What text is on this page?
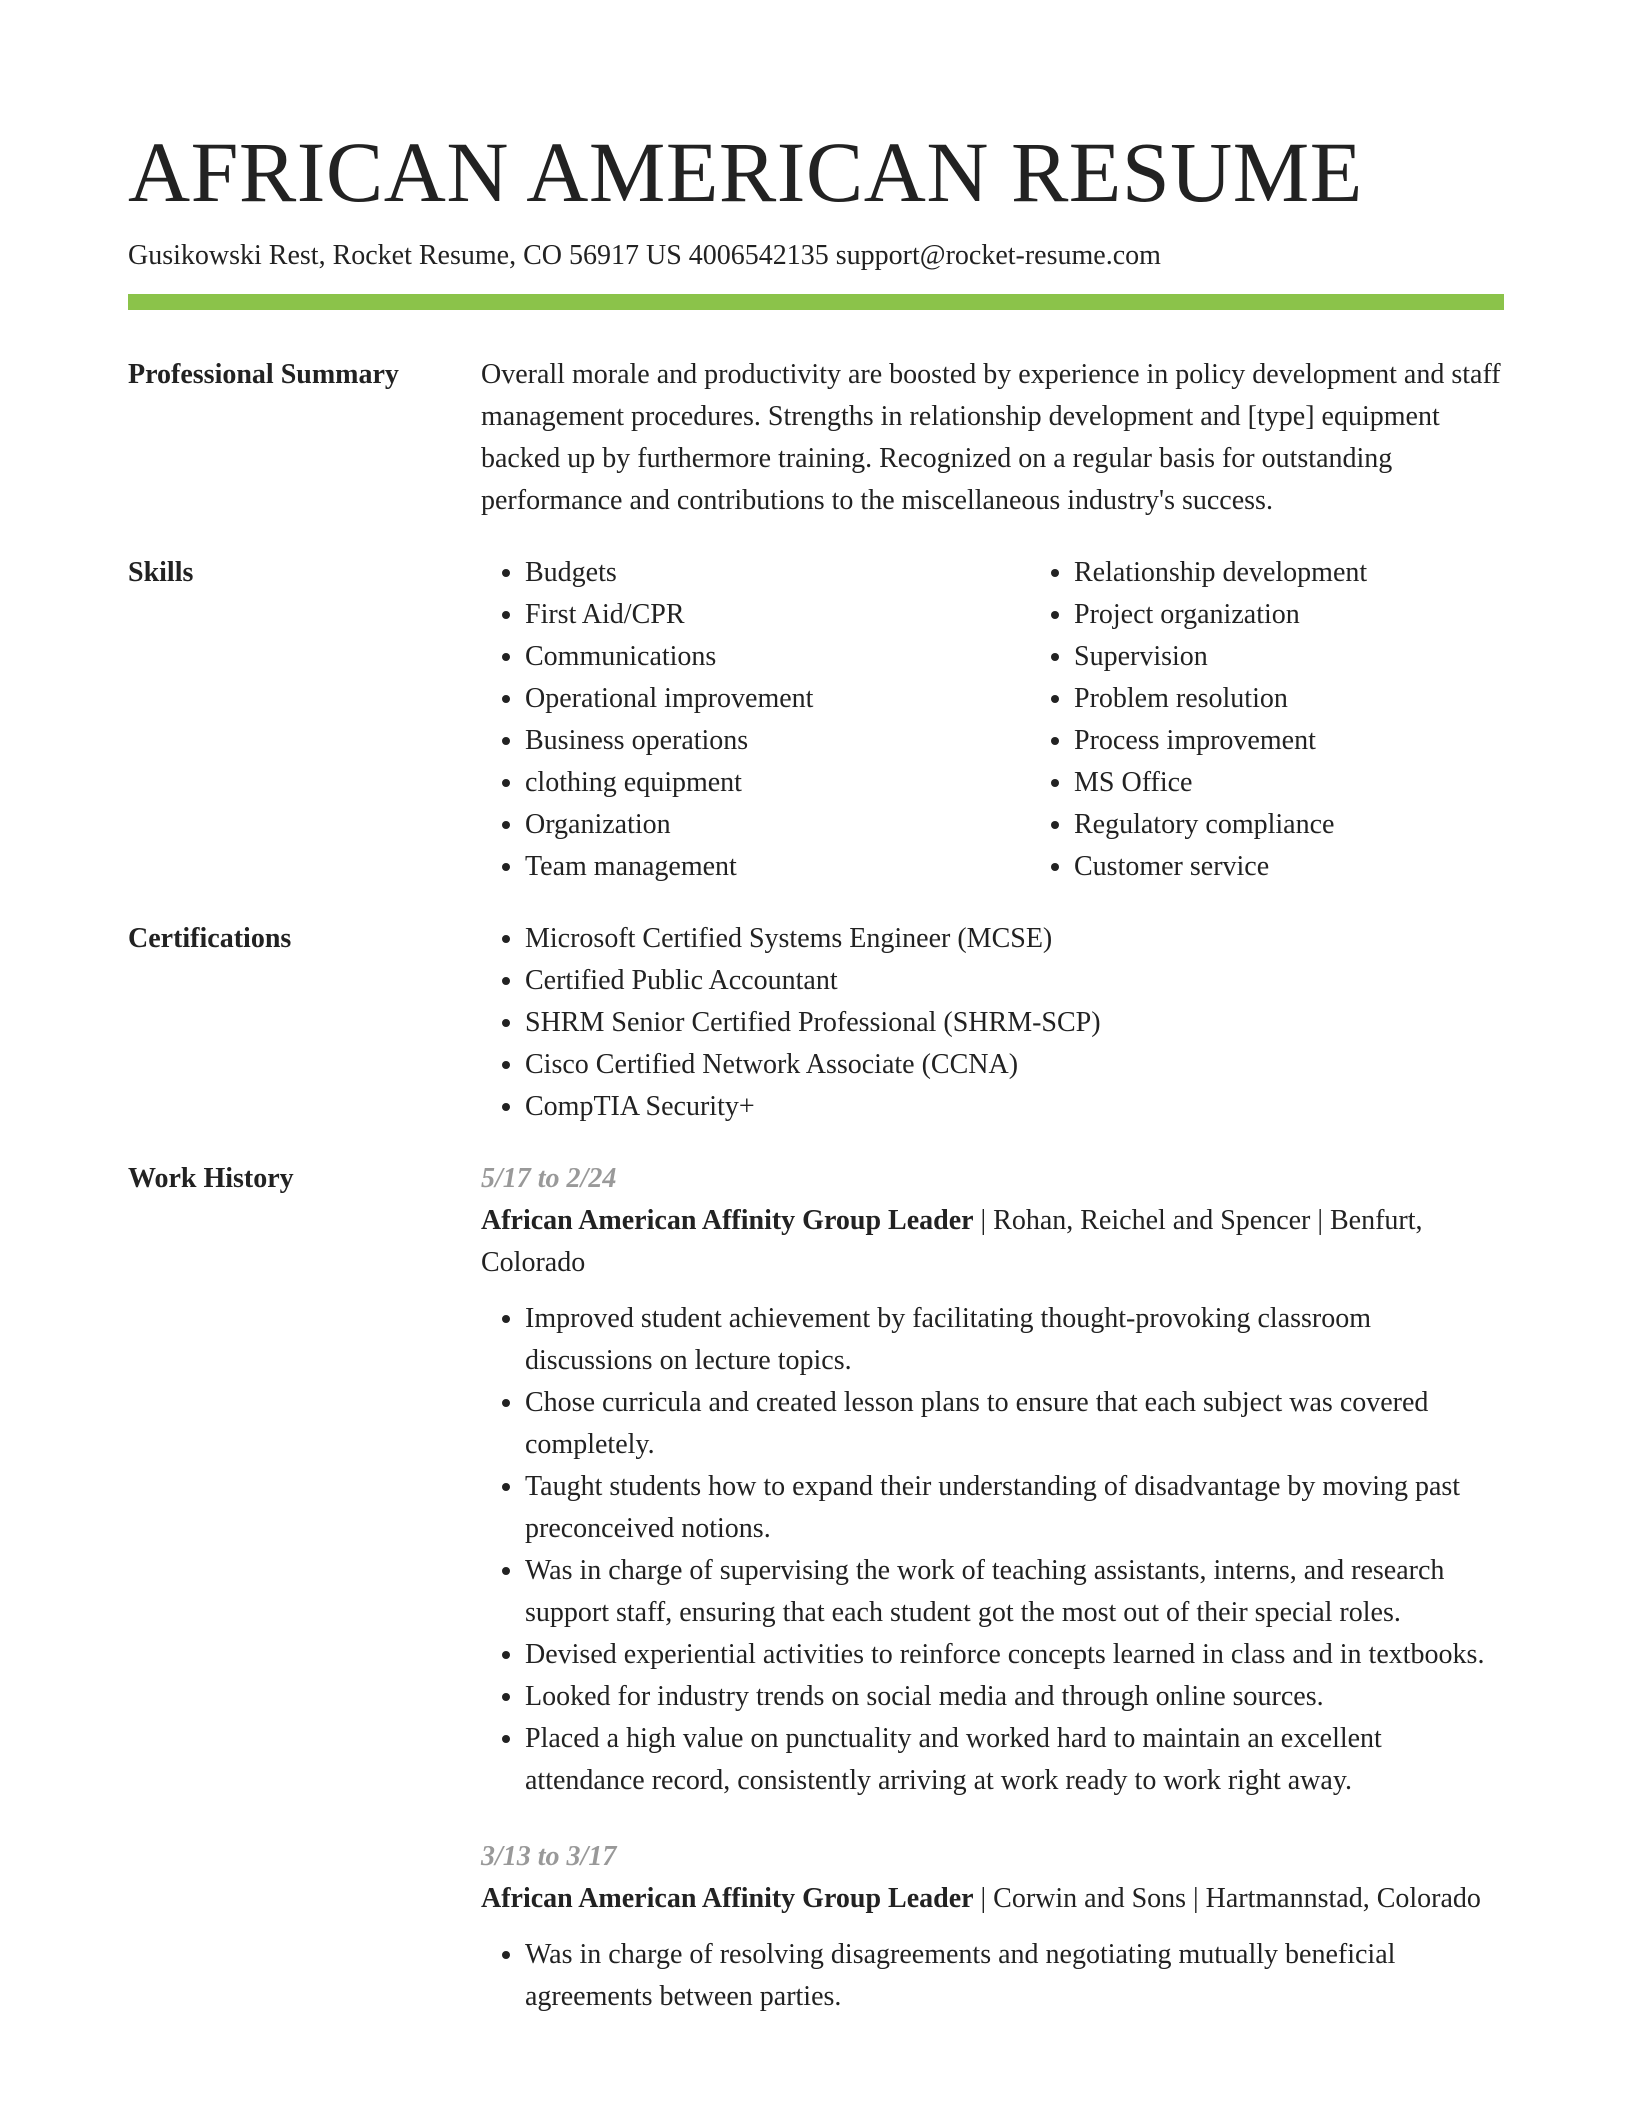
AFRICAN AMERICAN RESUME
Gusikowski Rest, Rocket Resume, CO 56917 US 4006542135 support@rocket-resume.com
Professional Summary	Overall morale and productivity are boosted by experience in policy development and staff management procedures. Strengths in relationship development and [type] equipment backed up by furthermore training. Recognized on a regular basis for outstanding performance and contributions to the miscellaneous industry's success.

Skills	• Budgets
• First Aid/CPR
• Communications
• Operational improvement
• Business operations
• clothing equipment
• Organization
• Team management
• Relationship development
• Project organization
• Supervision
• Problem resolution
• Process improvement
• MS Office
• Regulatory compliance
• Customer service
Certifications	• Microsoft Certified Systems Engineer (MCSE)
• Certified Public Accountant
• SHRM Senior Certified Professional (SHRM-SCP)
• Cisco Certified Network Associate (CCNA)
• CompTIA Security+
Work History	5/17 to 2/24
African American Affinity Group Leader | Rohan, Reichel and Spencer | Benfurt, Colorado
• Improved student achievement by facilitating thought-provoking classroom discussions on lecture topics.
• Chose curricula and created lesson plans to ensure that each subject was covered completely.
• Taught students how to expand their understanding of disadvantage by moving past preconceived notions.
• Was in charge of supervising the work of teaching assistants, interns, and research support staff, ensuring that each student got the most out of their special roles.
• Devised experiential activities to reinforce concepts learned in class and in textbooks.
• Looked for industry trends on social media and through online sources.
• Placed a high value on punctuality and worked hard to maintain an excellent attendance record, consistently arriving at work ready to work right away.
3/13 to 3/17
African American Affinity Group Leader | Corwin and Sons | Hartmannstad, Colorado
• Was in charge of resolving disagreements and negotiating mutually beneficial agreements between parties.
